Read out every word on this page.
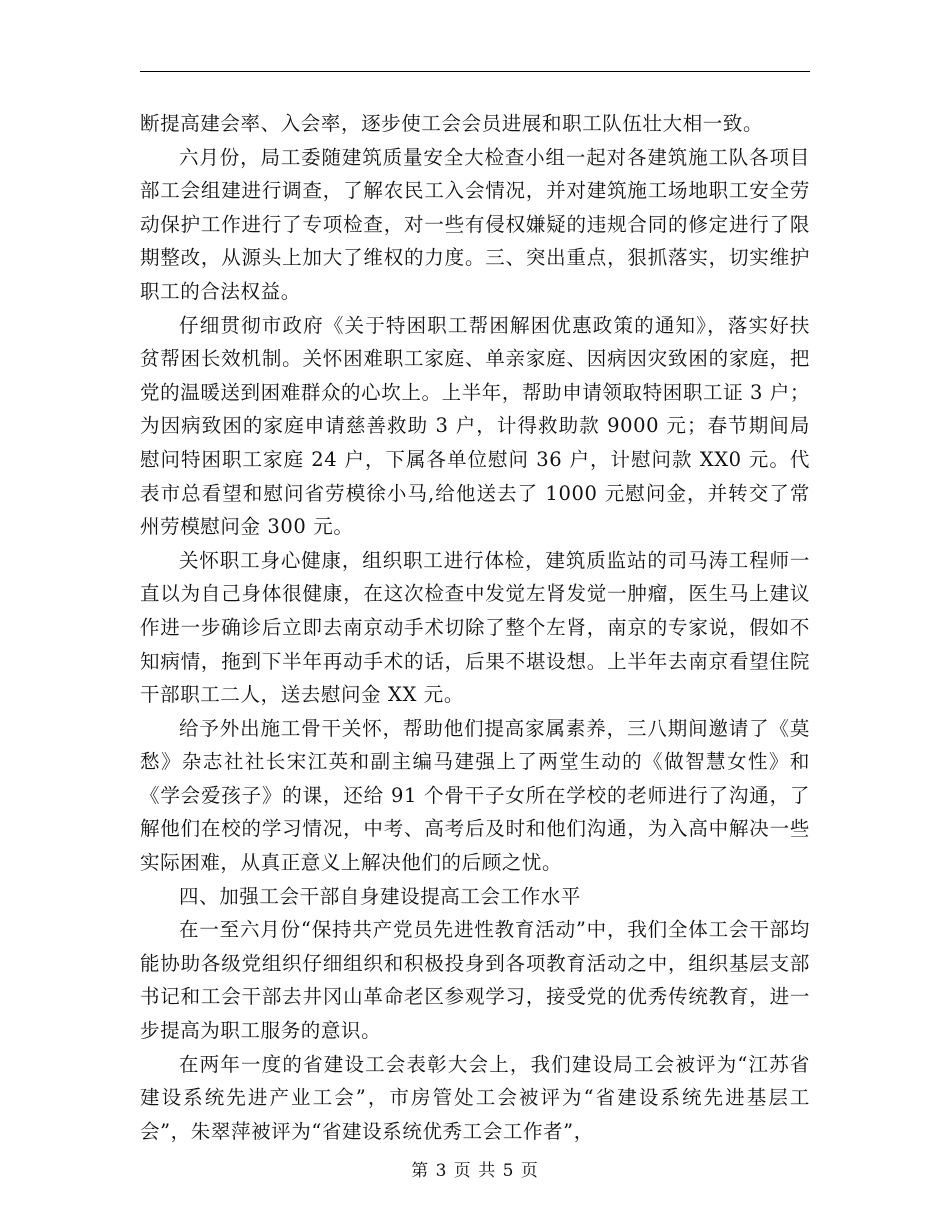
断提高建会率、入会率，逐步使工会会员进展和职工队伍壮大相一致。

六月份，局工委随建筑质量安全大检查小组一起对各建筑施工队各项目部工会组建进行调查，了解农民工入会情况，并对建筑施工场地职工安全劳动保护工作进行了专项检查，对一些有侵权嫌疑的违规合同的修定进行了限期整改，从源头上加大了维权的力度。三、突出重点，狠抓落实，切实维护职工的合法权益。

仔细贯彻市政府《关于特困职工帮困解困优惠政策的通知》，落实好扶贫帮困长效机制。关怀困难职工家庭、单亲家庭、因病因灾致困的家庭，把党的温暖送到困难群众的心坎上。上半年，帮助申请领取特困职工证 3 户；为因病致困的家庭申请慈善救助 3 户，计得救助款 9000 元；春节期间局慰问特困职工家庭 24 户，下属各单位慰问 36 户，计慰问款 XX0 元。代表市总看望和慰问省劳模徐小马,给他送去了 1000 元慰问金，并转交了常州劳模慰问金 300 元。

关怀职工身心健康，组织职工进行体检，建筑质监站的司马涛工程师一直以为自己身体很健康，在这次检查中发觉左肾发觉一肿瘤，医生马上建议作进一步确诊后立即去南京动手术切除了整个左肾，南京的专家说，假如不知病情，拖到下半年再动手术的话，后果不堪设想。上半年去南京看望住院干部职工二人，送去慰问金 XX 元。

给予外出施工骨干关怀，帮助他们提高家属素养，三八期间邀请了《莫愁》杂志社社长宋江英和副主编马建强上了两堂生动的《做智慧女性》和《学会爱孩子》的课，还给 91 个骨干子女所在学校的老师进行了沟通，了解他们在校的学习情况，中考、高考后及时和他们沟通，为入高中解决一些实际困难，从真正意义上解决他们的后顾之忧。

四、加强工会干部自身建设提高工会工作水平

在一至六月份“保持共产党员先进性教育活动”中，我们全体工会干部均能协助各级党组织仔细组织和积极投身到各项教育活动之中，组织基层支部书记和工会干部去井冈山革命老区参观学习，接受党的优秀传统教育，进一步提高为职工服务的意识。

在两年一度的省建设工会表彰大会上，我们建设局工会被评为“江苏省建设系统先进产业工会”，市房管处工会被评为“省建设系统先进基层工会”，朱翠萍被评为“省建设系统优秀工会工作者”，

第 3 页 共 5 页
